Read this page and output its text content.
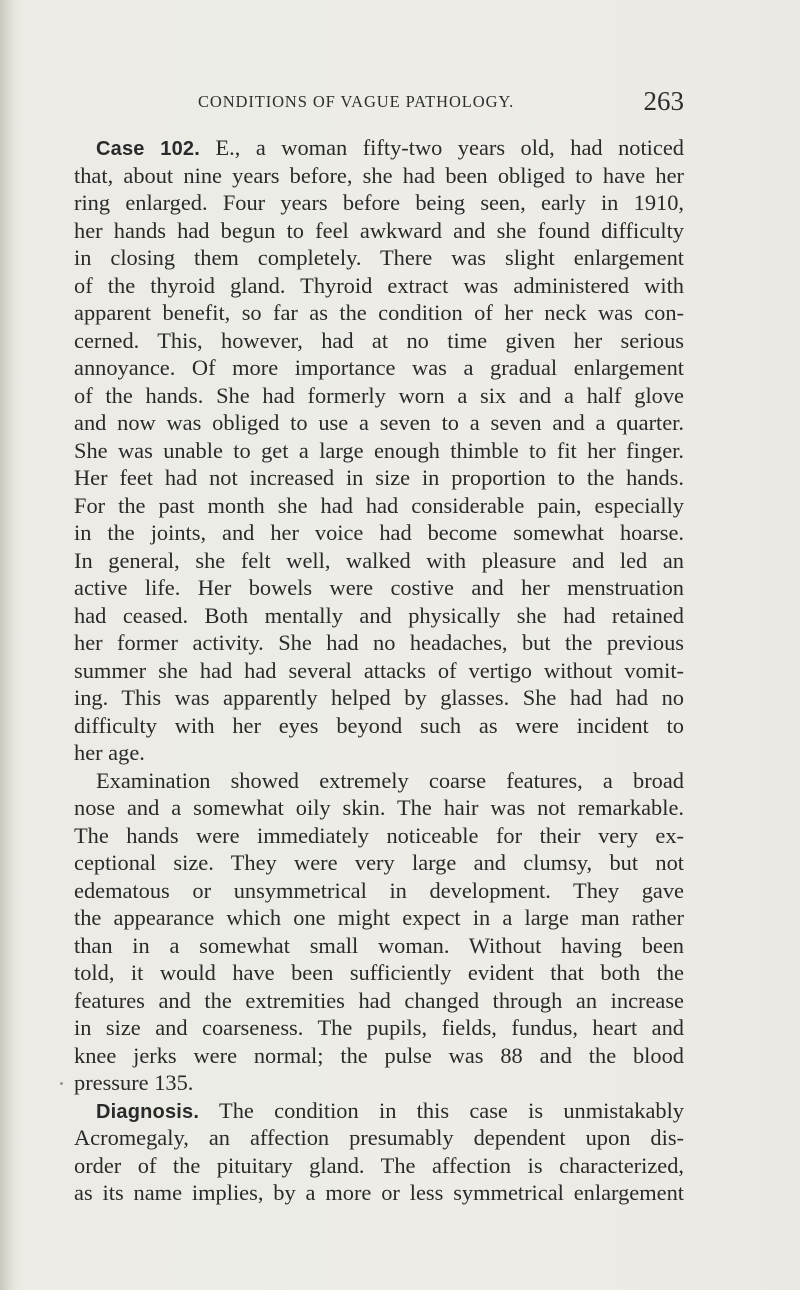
CONDITIONS OF VAGUE PATHOLOGY.	263
Case 102. E., a woman fifty-two years old, had noticed
that, about nine years before, she had been obliged to have her
ring enlarged. Four years before being seen, early in 1910,
her hands had begun to feel awkward and she found difficulty
in closing them completely. There was slight enlargement
of the thyroid gland. Thyroid extract was administered with
apparent benefit, so far as the condition of her neck was con-
cerned. This, however, had at no time given her serious
annoyance. Of more importance was a gradual enlargement
of the hands. She had formerly worn a six and a half glove
and now was obliged to use a seven to a seven and a quarter.
She was unable to get a large enough thimble to fit her finger.
Her feet had not increased in size in proportion to the hands.
For the past month she had had considerable pain, especially
in the joints, and her voice had become somewhat hoarse.
In general, she felt well, walked with pleasure and led an
active life. Her bowels were costive and her menstruation
had ceased. Both mentally and physically she had retained
her former activity. She had no headaches, but the previous
summer she had had several attacks of vertigo without vomit-
ing. This was apparently helped by glasses. She had had no
difficulty with her eyes beyond such as were incident to
her age.
Examination showed extremely coarse features, a broad
nose and a somewhat oily skin. The hair was not remarkable.
The hands were immediately noticeable for their very ex-
ceptional size. They were very large and clumsy, but not
edematous or unsymmetrical in development. They gave
the appearance which one might expect in a large man rather
than in a somewhat small woman. Without having been
told, it would have been sufficiently evident that both the
features and the extremities had changed through an increase
in size and coarseness. The pupils, fields, fundus, heart and
knee jerks were normal; the pulse was 88 and the blood
pressure 135.
Diagnosis. The condition in this case is unmistakably
Acromegaly, an affection presumably dependent upon dis-
order of the pituitary gland. The affection is characterized,
as its name implies, by a more or less symmetrical enlargement
